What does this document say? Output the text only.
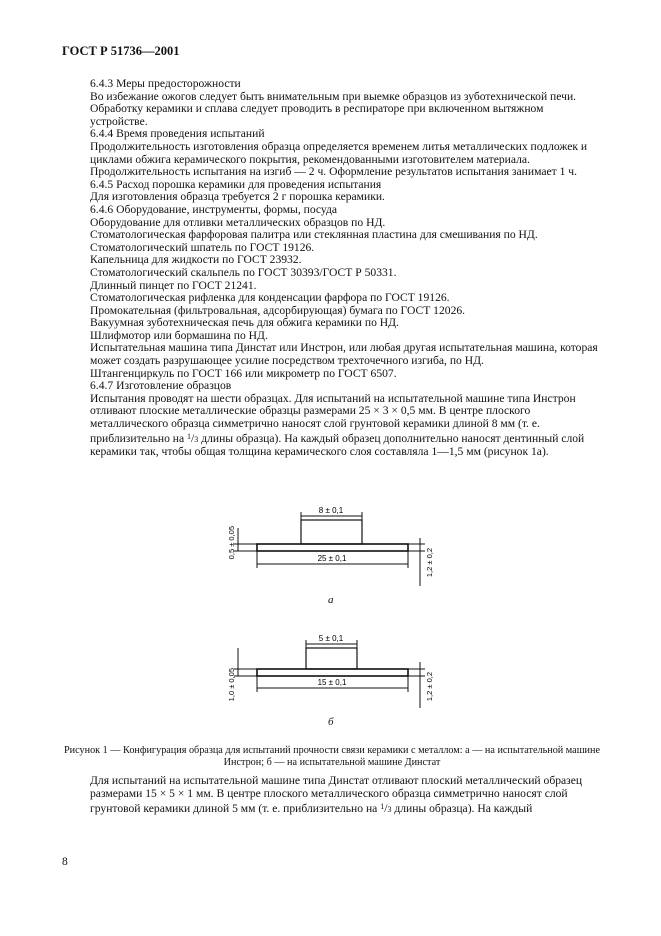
ГОСТ Р 51736—2001

6.4.3 Меры предосторожности

Во избежание ожогов следует быть внимательным при выемке образцов из зуботехнической печи. Обработку керамики и сплава следует проводить в респираторе при включенном вытяжном устройстве.

6.4.4 Время проведения испытаний

Продолжительность изготовления образца определяется временем литья металлических подложек и циклами обжига керамического покрытия, рекомендованными изготовителем материала.

Продолжительность испытания на изгиб — 2 ч. Оформление результатов испытания занимает 1 ч.

6.4.5 Расход порошка керамики для проведения испытания

Для изготовления образца требуется 2 г порошка керамики.

6.4.6 Оборудование, инструменты, формы, посуда

Оборудование для отливки металлических образцов по НД.

Стоматологическая фарфоровая палитра или стеклянная пластина для смешивания по НД.

Стоматологический шпатель по ГОСТ 19126.

Капельница для жидкости по ГОСТ 23932.

Стоматологический скальпель по ГОСТ 30393/ГОСТ Р 50331.

Длинный пинцет по ГОСТ 21241.

Стоматологическая рифленка для конденсации фарфора по ГОСТ 19126.

Промокательная (фильтровальная, адсорбирующая) бумага по ГОСТ 12026.

Вакуумная зуботехническая печь для обжига керамики по НД.

Шлифмотор или бормашина по НД.

Испытательная машина типа Динстат или Инстрон, или любая другая испытательная машина, которая может создать разрушающее усилие посредством трехточечного изгиба, по НД.

Штангенциркуль по ГОСТ 166 или микрометр по ГОСТ 6507.

6.4.7 Изготовление образцов

Испытания проводят на шести образцах. Для испытаний на испытательной машине типа Инстрон отливают плоские металлические образцы размерами 25 × 3 × 0,5 мм. В центре плоского металлического образца симметрично наносят слой грунтовой керамики длиной 8 мм (т. е. приблизительно на $^1$/3 длины образца). На каждый образец дополнительно наносят дентинный слой керамики так, чтобы общая толщина керамического слоя составляла 1—1,5 мм (рисунок 1а).

8 ± 0,1
25 ± 0,1
0,5 ± 0,05
1,2 ± 0,2
а
5 ± 0,1
15 ± 0,1
1,0 ± 0,05	1,2 ± 0,2
б
Рисунок 1 — Конфигурация образца для испытаний прочности связи керамики с металлом: а — на испытательной машине Инстрон; б — на испытательной машине Динстат

Для испытаний на испытательной машине типа Динстат отливают плоский металлический образец размерами 15 × 5 × 1 мм. В центре плоского металлического образца симметрично наносят слой грунтовой керамики длиной 5 мм (т. е. приблизительно на $^1$/3 длины образца). На каждый

8
